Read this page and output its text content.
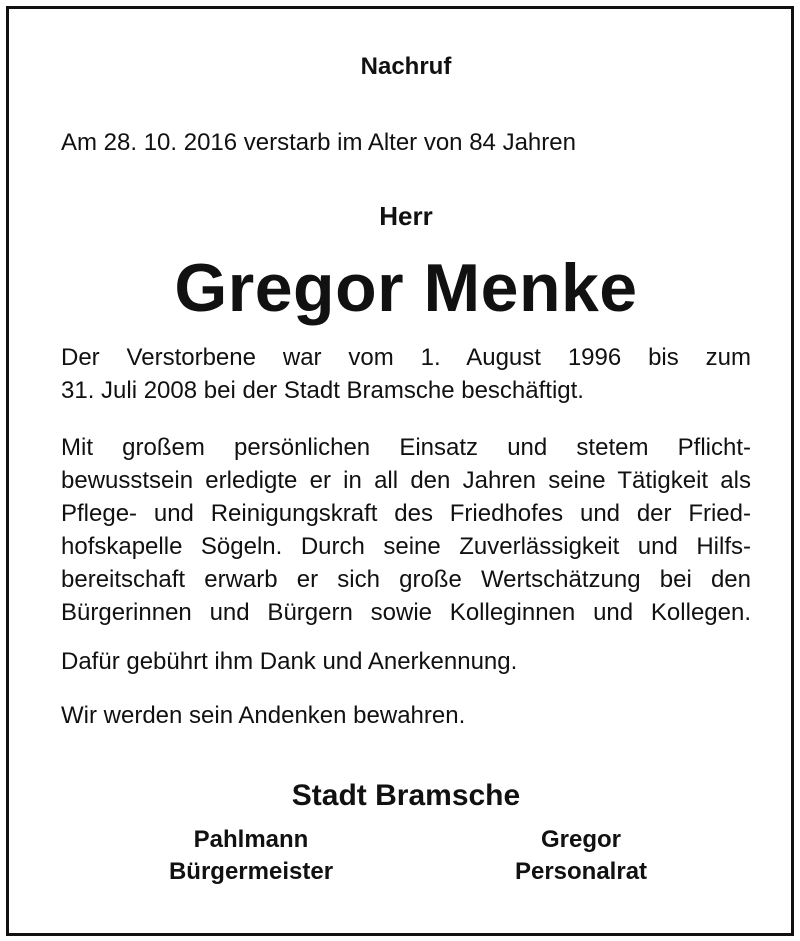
Nachruf
Am 28. 10. 2016 verstarb im Alter von 84 Jahren
Herr
Gregor Menke
Der Verstorbene war vom 1. August 1996 bis zum
31. Juli 2008 bei der Stadt Bramsche beschäftigt.
Mit großem persönlichen Einsatz und stetem Pflicht-
bewusstsein erledigte er in all den Jahren seine Tätigkeit als
Pflege- und Reinigungskraft des Friedhofes und der Fried-
hofskapelle Sögeln. Durch seine Zuverlässigkeit und Hilfs-
bereitschaft erwarb er sich große Wertschätzung bei den
Bürgerinnen und Bürgern sowie Kolleginnen und Kollegen.
Dafür gebührt ihm Dank und Anerkennung.
Wir werden sein Andenken bewahren.
Stadt Bramsche
Pahlmann
Bürgermeister
Gregor
Personalrat
